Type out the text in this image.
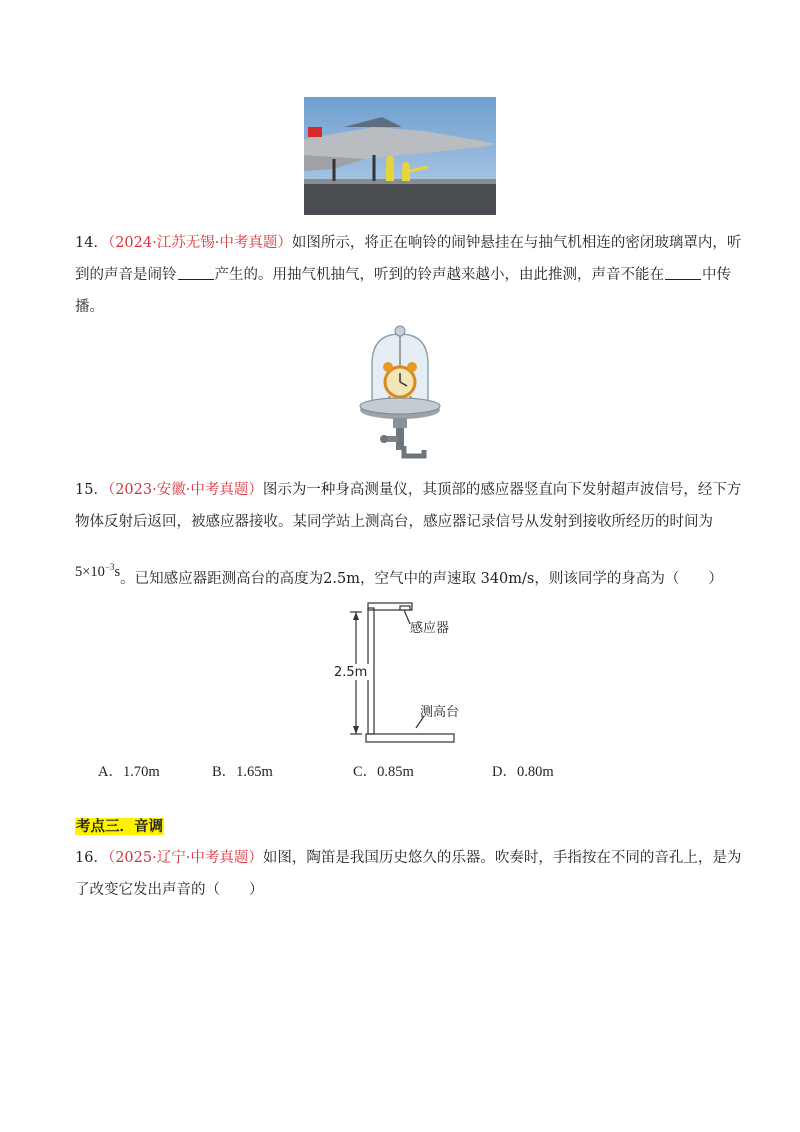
14．（2024·江苏无锡·中考真题）如图所示，将正在响铃的闹钟悬挂在与抽气机相连的密闭玻璃罩内，听
到的声音是闹铃	产生的。用抽气机抽气，听到的铃声越来越小，由此推测，声音不能在	中传
播。
15．（2023·安徽·中考真题）图示为一种身高测量仪，其顶部的感应器竖直向下发射超声波信号，经下方
物体反射后返回，被感应器接收。某同学站上测高台，感应器记录信号从发射到接收所经历的时间为
$5\times 10^{-3}s$。已知感应器距测高台的高度为2.5m，空气中的声速取 340m/s，则该同学的身高为（　　）
2.5m
感应器
测高台
A．1.70m	B．1.65m	C．0.85m	D．0.80m
考点三．音调
16．（2025·辽宁·中考真题）如图，陶笛是我国历史悠久的乐器。吹奏时，手指按在不同的音孔上，是为
了改变它发出声音的（　　）
